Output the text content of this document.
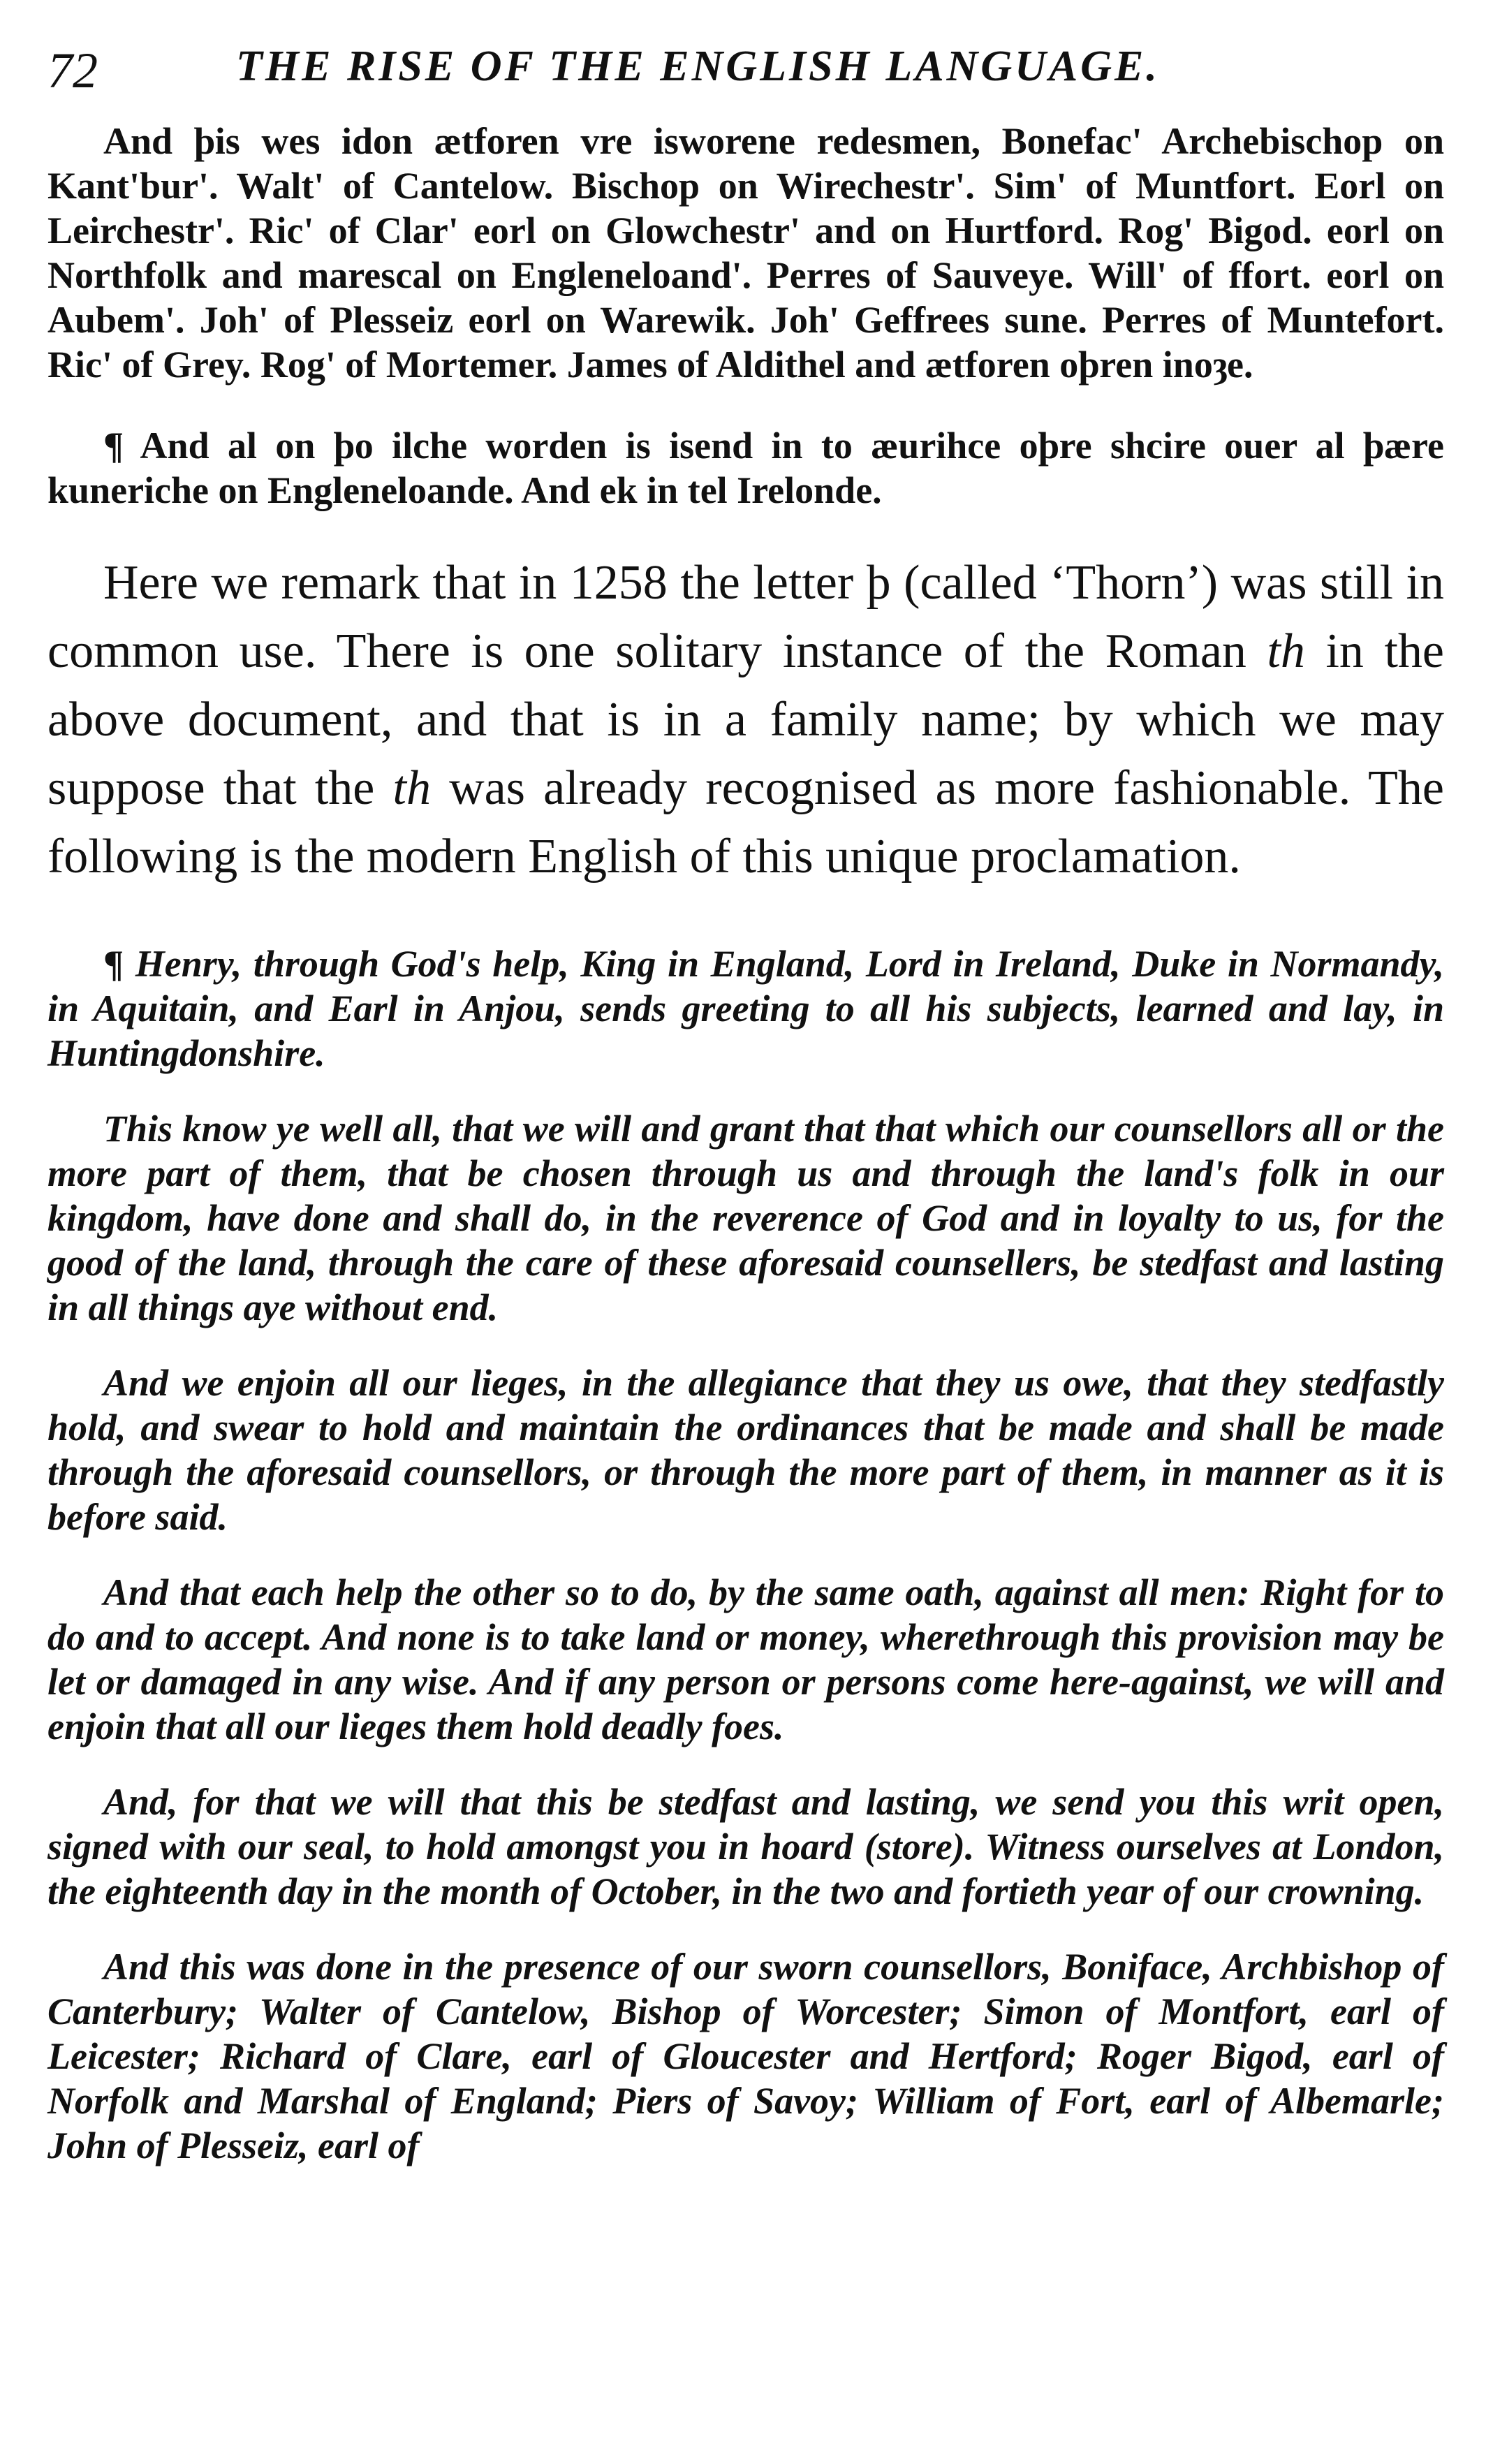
72	THE RISE OF THE ENGLISH LANGUAGE.

And þis wes idon ætforen vre isworene redesmen, Bonefac' Archebischop on Kant'bur'. Walt' of Cantelow. Bischop on Wirechestr'. Sim' of Muntfort. Eorl on Leirchestr'. Ric' of Clar' eorl on Glowchestr' and on Hurtford. Rog' Bigod. eorl on Northfolk and marescal on Engleneloand'. Perres of Sauveye. Will' of ffort. eorl on Aubem'. Joh' of Plesseiz eorl on Warewik. Joh' Geffrees sune. Perres of Muntefort. Ric' of Grey. Rog' of Mortemer. James of Aldithel and ætforen oþren inoȝe.

¶ And al on þo ilche worden is isend in to æurihce oþre shcire ouer al þære kuneriche on Engleneloande. And ek in tel Irelonde.

Here we remark that in 1258 the letter þ (called ‘Thorn’) was still in common use. There is one solitary instance of the Roman th in the above document, and that is in a family name; by which we may suppose that the th was already recognised as more fashionable. The following is the modern English of this unique proclamation.

¶ Henry, through God's help, King in England, Lord in Ireland, Duke in Normandy, in Aquitain, and Earl in Anjou, sends greeting to all his subjects, learned and lay, in Huntingdonshire.

This know ye well all, that we will and grant that that which our counsellors all or the more part of them, that be chosen through us and through the land's folk in our kingdom, have done and shall do, in the reverence of God and in loyalty to us, for the good of the land, through the care of these aforesaid counsellers, be stedfast and lasting in all things aye without end.

And we enjoin all our lieges, in the allegiance that they us owe, that they stedfastly hold, and swear to hold and maintain the ordinances that be made and shall be made through the aforesaid counsellors, or through the more part of them, in manner as it is before said.

And that each help the other so to do, by the same oath, against all men: Right for to do and to accept. And none is to take land or money, wherethrough this provision may be let or damaged in any wise. And if any person or persons come here-against, we will and enjoin that all our lieges them hold deadly foes.

And, for that we will that this be stedfast and lasting, we send you this writ open, signed with our seal, to hold amongst you in hoard (store). Witness ourselves at London, the eighteenth day in the month of October, in the two and fortieth year of our crowning.

And this was done in the presence of our sworn counsellors, Boniface, Archbishop of Canterbury; Walter of Cantelow, Bishop of Worcester; Simon of Montfort, earl of Leicester; Richard of Clare, earl of Gloucester and Hertford; Roger Bigod, earl of Norfolk and Marshal of England; Piers of Savoy; William of Fort, earl of Albemarle; John of Plesseiz, earl of
